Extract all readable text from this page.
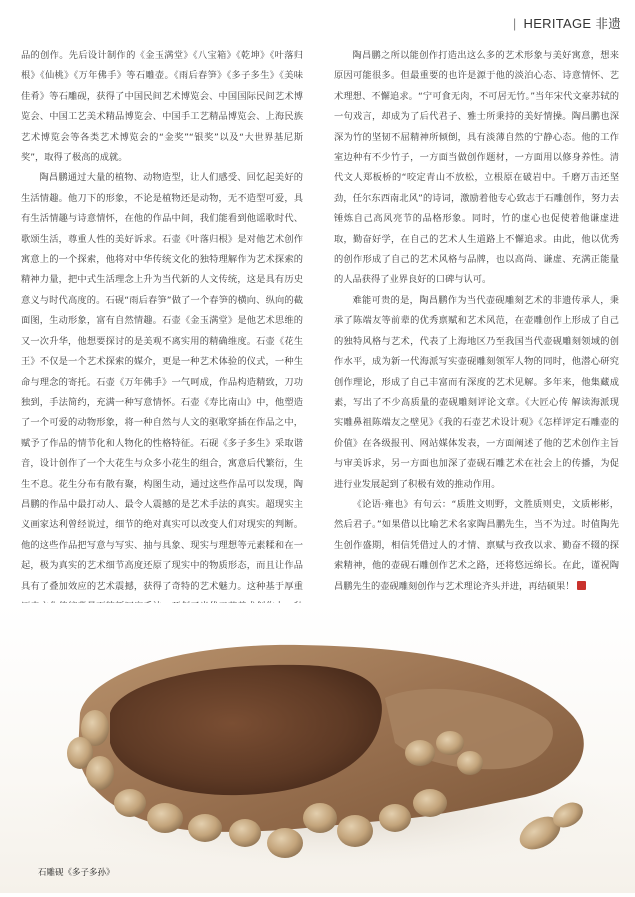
| HERITAGE 非遗

品的创作。先后设计制作的《金玉满堂》《八宝箱》《乾坤》《叶落归根》《仙桃》《万年佛手》等石雕壶。《雨后春笋》《多子多生》《美味佳肴》等石雕砚，获得了中国民间艺术博览会、中国国际民间艺术博览会、中国工艺美术精品博览会、中国手工艺精品博览会、上海民族艺术博览会等各类艺术博览会的“金奖”“银奖”以及“大世界基尼斯奖”，取得了极高的成就。

陶昌鹏通过大量的植物、动物造型，让人们感受、回忆起美好的生活情趣。他刀下的形象，不论是植物还是动物，无不造型可爱，具有生活情趣与诗意情怀，在他的作品中间，我们能看到他谣歌时代、歌颂生活，尊重人性的美好诉求。石壶《叶落归根》是对他艺术创作寓意上的一个探索，他将对中华传统文化的独特理解作为艺术探索的精神力量，把中式生活理念上升为当代新的人文传统，这是具有历史意义与时代高度的。石砚“雨后春笋”做了一个春笋的横向、纵向的截面图，生动形象，富有自然情趣。石壶《金玉满堂》是他艺术思维的又一次升华，他想要探讨的是美观不离实用的精确维度。石壶《花生王》不仅是一个艺术探索的媒介，更是一种艺术体验的仪式，一种生命与理念的寄托。石壶《万年佛手》一气呵成，作品构造精致，刀功独到，手法简约，充满一种写意情怀。石壶《寿比南山》中，他塑造了一个可爱的动物形象，将一种自然与人文的驱歌穿插在作品之中，赋予了作品的情节化和人物化的性格特征。石砚《多子多生》采取谐音，设计创作了一个大花生与众多小花生的组合，寓意后代繁衍，生生不息。花生分布有散有聚，构图生动，通过这些作品可以发现，陶昌鹏的作品中最打动人、最令人震撼的是艺术手法的真实。超现实主义画家达利曾经说过，细节的绝对真实可以改变人们对现实的判断。他的这些作品把写意与写实、抽与具象、现实与理想等元素糅和在一起，极为真实的艺术细节高度还原了现实中的物质形态，而且让作品具有了叠加效应的艺术震撼，获得了奇特的艺术魅力。这种基于厚重

陶昌鹏之所以能创作打造出这么多的艺术形象与美好寓意，想来原因可能很多。但最重要的也许是源于他的淡泊心态、诗意情怀、艺术理想、不懈追求。“宁可食无肉，不可居无竹。”当年宋代文豪苏轼的一句戏言，却成为了后代君子、雅士所秉持的美好情操。陶昌鹏也深深为竹的坚韧不屈精神所倾倒，具有淡薄自然的宁静心态。他的工作室边种有不少竹子，一方面当做创作题材，一方面用以修身养性。清代文人郑板桥的“咬定青山不放松，立根原在破岩中。千磨万击还坚劲，任尔东西南北风”的诗词，激励着他专心致志于石雕创作，努力去锤炼自己高风亮节的品格形象。同时，竹的虚心也促使着他谦虚进取，勤奋好学，在自己的艺术人生道路上不懈追求。由此，他以优秀的创作形成了自己的艺术风格与品牌，也以高尚、谦虚、充满正能量的人品获得了业界良好的口碑与认可。

难能可贵的是，陶昌鹏作为当代壶砚雕刻艺术的非遗传承人，秉承了陈端友等前辈的优秀禀赋和艺术风范，在壶雕创作上形成了自己的独特风格与艺术，代表了上海地区乃至我国当代壶砚雕刻领域的创作水平，成为新一代海派写实壶砚雕刻领军人物的同时，他潜心研究创作理论，形成了自己丰富而有深度的艺术见解。多年来，他集藏成素，写出了不少高质量的壶砚雕刻评论文章。《大匠心传 解读海派现实雕鼻祖陈端友之壁见》《我的石壶艺术设计观》《怎样评定石雕壶的价值》在各级报刊、网站媒体发表，一方面阐述了他的艺术创作主旨与审美诉求，另一方面也加深了壶砚石雕艺术在社会上的传播，为促进行业发展起到了积极有效的推动作用。

《论语·雍也》有句云：“质胜文则野，文胜质则史，文质彬彬，然后君子。”如果借以比喻艺术名家陶昌鹏先生，当不为过。时值陶先生创作盛期，相信凭借过人的才情、禀赋与孜孜以求、勤奋不辍的探索精神，他的壶砚石雕创作艺术之路，还将悠远绵长。在此，谨祝陶昌鹏先生的壶砚雕刻创作与艺术理论齐头并进，再结硕果！

石雕砚《多子多孙》
